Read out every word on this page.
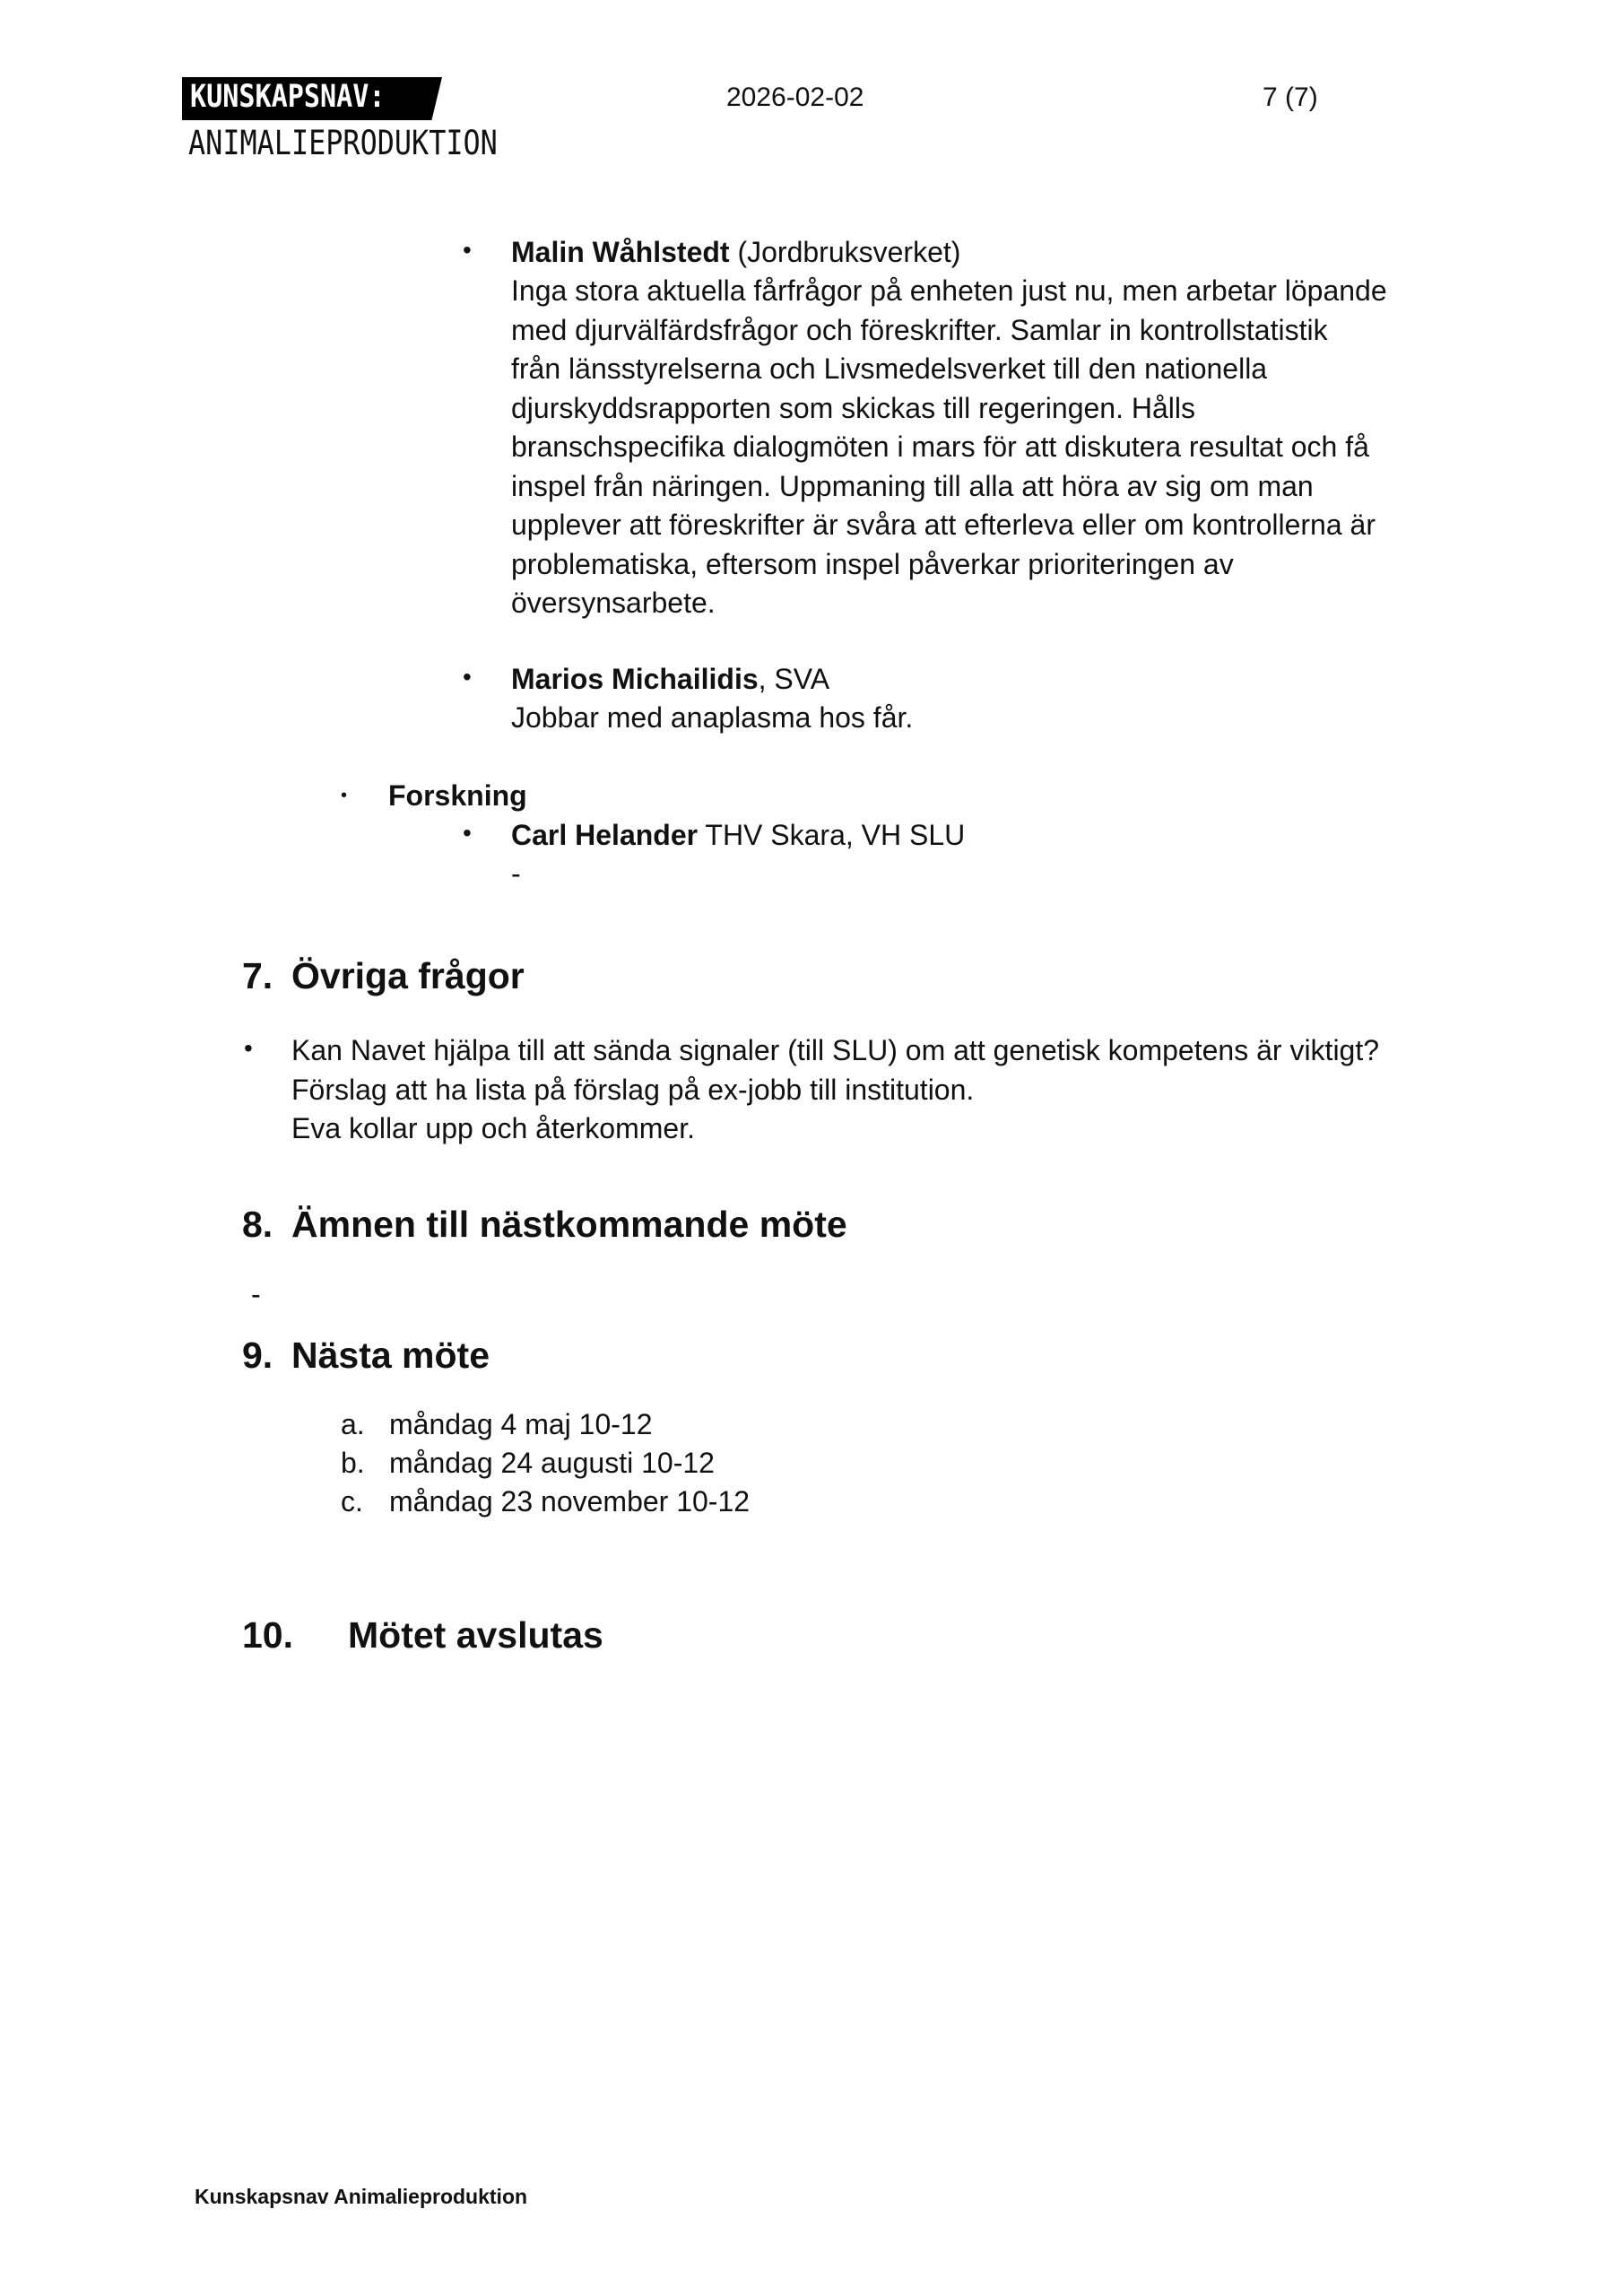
KUNSKAPSNAV:
ANIMALIEPRODUKTION
2026-02-02	7 (7)
• Malin Wåhlstedt (Jordbruksverket)
Inga stora aktuella fårfrågor på enheten just nu, men arbetar löpande
med djurvälfärdsfrågor och föreskrifter. Samlar in kontrollstatistik
från länsstyrelserna och Livsmedelsverket till den nationella
djurskyddsrapporten som skickas till regeringen. Hålls
branschspecifika dialogmöten i mars för att diskutera resultat och få
inspel från näringen. Uppmaning till alla att höra av sig om man
upplever att föreskrifter är svåra att efterleva eller om kontrollerna är
problematiska, eftersom inspel påverkar prioriteringen av
översynsarbete.
• Marios Michailidis, SVA
Jobbar med anaplasma hos får.
• Forskning
• Carl Helander THV Skara, VH SLU
-
7. Övriga frågor
• Kan Navet hjälpa till att sända signaler (till SLU) om att genetisk kompetens är viktigt?
Förslag att ha lista på förslag på ex-jobb till institution.
Eva kollar upp och återkommer.
8. Ämnen till nästkommande möte
-
9. Nästa möte
a. måndag 4 maj 10-12
b. måndag 24 augusti 10-12
c. måndag 23 november 10-12
10. Mötet avslutas
Kunskapsnav Animalieproduktion
